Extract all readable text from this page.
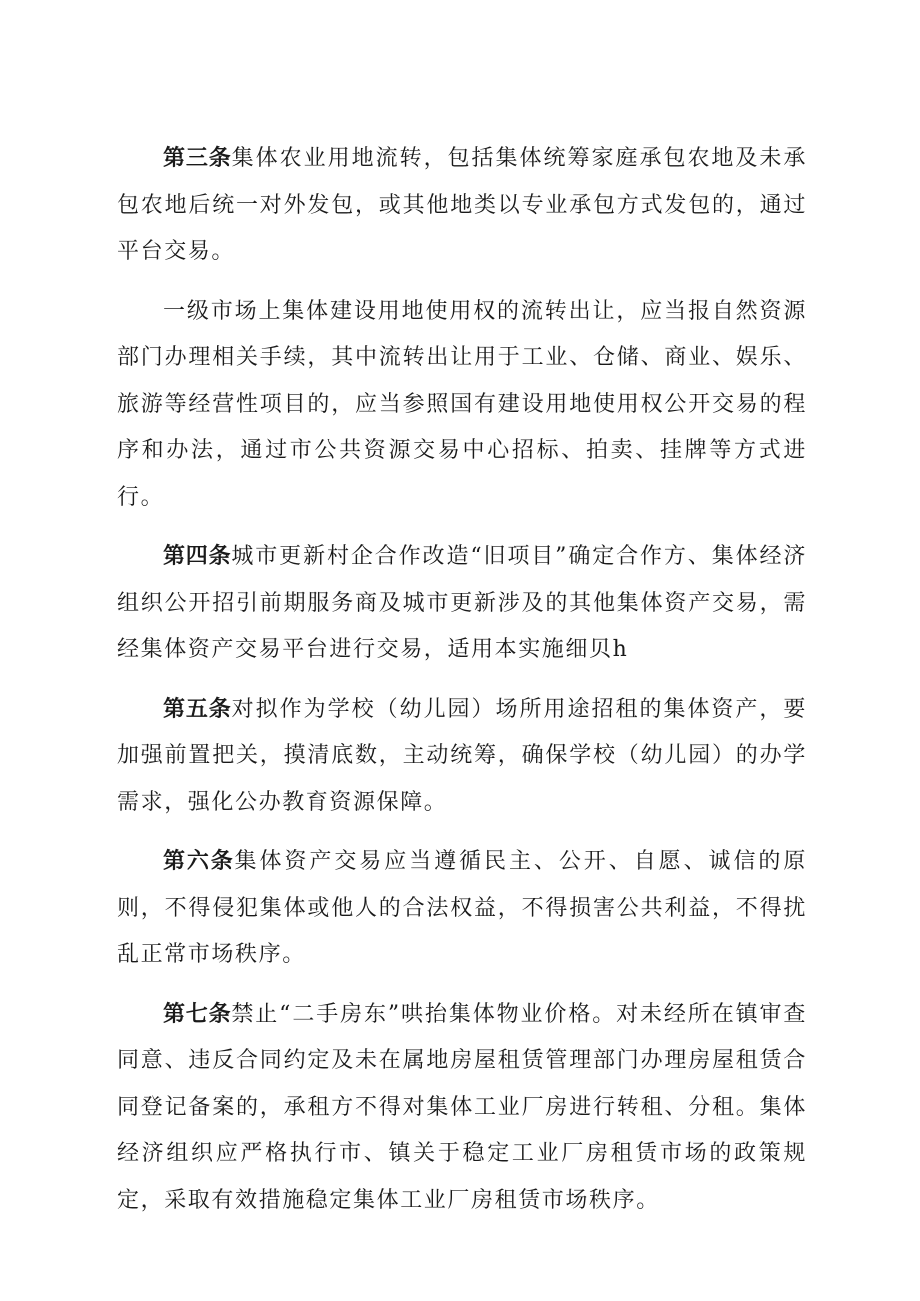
第三条集体农业用地流转，包括集体统筹家庭承包农地及未承包农地后统一对外发包，或其他地类以专业承包方式发包的，通过平台交易。

一级市场上集体建设用地使用权的流转出让，应当报自然资源部门办理相关手续，其中流转出让用于工业、仓储、商业、娱乐、旅游等经营性项目的，应当参照国有建设用地使用权公开交易的程序和办法，通过市公共资源交易中心招标、拍卖、挂牌等方式进行。

第四条城市更新村企合作改造“旧项目”确定合作方、集体经济组织公开招引前期服务商及城市更新涉及的其他集体资产交易，需经集体资产交易平台进行交易，适用本实施细贝h

第五条对拟作为学校（幼儿园）场所用途招租的集体资产，要加强前置把关，摸清底数，主动统筹，确保学校（幼儿园）的办学需求，强化公办教育资源保障。

第六条集体资产交易应当遵循民主、公开、自愿、诚信的原则，不得侵犯集体或他人的合法权益，不得损害公共利益，不得扰乱正常市场秩序。

第七条禁止“二手房东”哄抬集体物业价格。对未经所在镇审查同意、违反合同约定及未在属地房屋租赁管理部门办理房屋租赁合同登记备案的，承租方不得对集体工业厂房进行转租、分租。集体经济组织应严格执行市、镇关于稳定工业厂房租赁市场的政策规定，采取有效措施稳定集体工业厂房租赁市场秩序。
